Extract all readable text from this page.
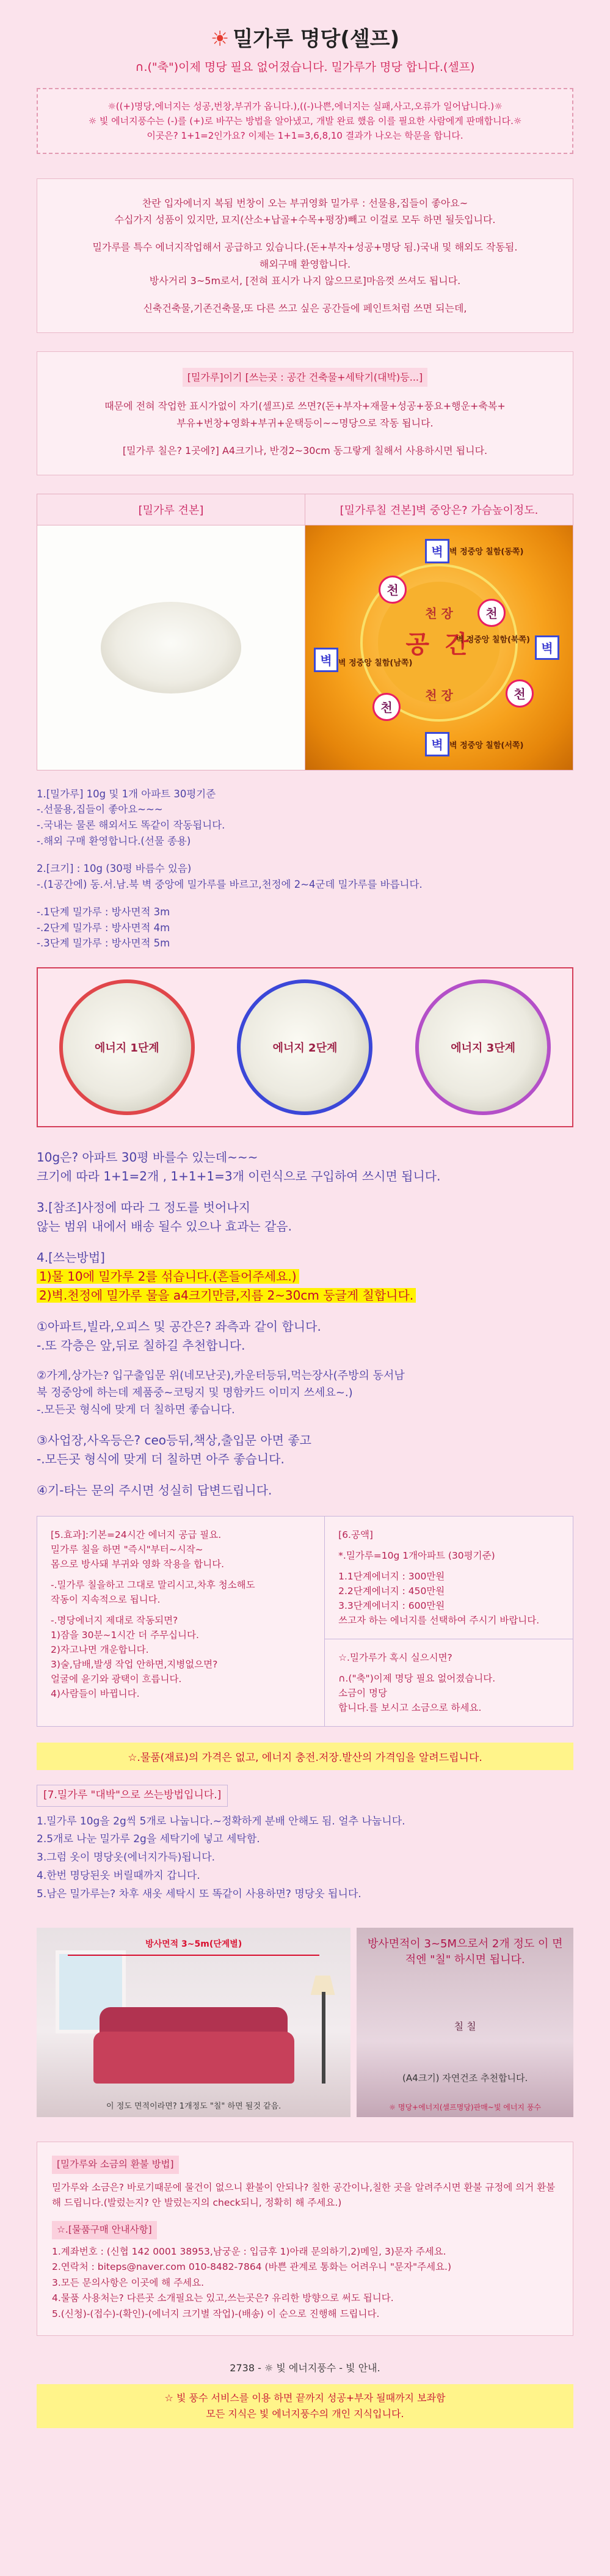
☀ 밀가루 명당(셀프)
∩.("축")이제 명당 필요 없어졌습니다. 밀가루가 명당 합니다.(셀프)
☼((+)명당,에너지는 성공,번창,부귀가 옵니다.),((-)나쁜,에너지는 실패,사고,오류가 일어납니다.)☼
☼ 빛 에너지풍수는 (-)를 (+)로 바꾸는 방법을 알아냈고, 개발 완료 했음 이를 필요한 사람에게 판매합니다.☼
이곳은? 1+1=2인가요? 이제는 1+1=3,6,8,10 결과가 나오는 학문을 합니다.

찬란 입자에너지 복됨 번창이 오는 부귀영화 밀가루 : 선물용,집들이 좋아요~
수십가지 성품이 있지만, 묘지(산소+납골+수목+평장)빼고 이걸로 모두 하면 될듯입니다.

밀가루를 특수 에너지작업해서 공급하고 있습니다.(돈+부자+성공+명당 됨.)국내 및 해외도 작동됨.
해외구매 환영합니다.
방사거리 3~5m로서, [전혀 표시가 나지 않으므로]마음껏 쓰셔도 됩니다.

신축건축물,기존건축물,또 다른 쓰고 싶은 공간들에 페인트처럼 쓰면 되는데,

[밀가루]이기 [쓰는곳 : 공간 건축물+세탁기(대박)등...]

때문에 전혀 작업한 표시가없이 자기(셀프)로 쓰면?(돈+부자+재물+성공+풍요+행운+축복+
부유+번창+영화+부귀+운택등이~~명당으로 작동 됩니다.

[밀가루 칠은? 1곳에?] A4크기나, 반경2~30cm 동그랗게 칠해서 사용하시면 됩니다.

[밀가루 견본]	[밀가루칠 견본]벽 중앙은? 가슴높이정도.
공 간
천 장
천 장
벽 벽 정중앙 칠함(동쪽)
벽
벽 정중앙 칠함(북쪽)
벽 벽 정중앙 칠함(남쪽)
벽 벽 정중앙 칠함(서쪽)
천
천
천
천

1.[밀가루] 10g 및 1개 아파트 30평기준

-.선물용,집들이 좋아요~~~

-.국내는 물론 해외서도 똑같이 작동됩니다.

-.해외 구매 환영합니다.(선물 종용)

2.[크기] : 10g (30평 바름수 있음)

-.(1공간에) 동.서.남.북 벽 중앙에 밀가루를 바르고,천정에 2~4군데 밀가루를 바릅니다.

-.1단계 밀가루 : 방사면적 3m

-.2단계 밀가루 : 방사면적 4m

-.3단계 밀가루 : 방사면적 5m

에너지 1단계	에너지 2단계	에너지 3단계
10g은? 아파트 30평 바를수 있는데~~~
크기에 따라 1+1=2개 , 1+1+1=3개 이런식으로 구입하여 쓰시면 됩니다.
3.[참조]사정에 따라 그 정도를 벗어나지
않는 범위 내에서 배송 될수 있으나 효과는 같음.
4.[쓰는방법]
1)물 10에 밀가루 2를 섞습니다.(흔들어주세요.)
2)벽.천정에 밀가루 물을 a4크기만큼,지름 2~30cm 둥글게 칠합니다.
①아파트,빌라,오피스 및 공간은? 좌측과 같이 합니다.
-.또 각층은 앞,뒤로 칠하길 추천합니다.
②가게,상가는? 입구출입문 위(네모난곳),카운터등뒤,먹는장사(주방의 동서남
북 정중앙에 하는데 제품중~코팅지 및 명함카드 이미지 쓰세요~.)
-.모든곳 형식에 맞게 더 칠하면 좋습니다.
③사업장,사옥등은? ceo등뒤,책상,출입문 아면 좋고
-.모든곳 형식에 맞게 더 칠하면 아주 좋습니다.
④기-타는 문의 주시면 성실히 답변드립니다.
[5.효과]:기본=24시간 에너지 공급 필요.
밀가루 칠을 하면 "즉시"부터~시작~
몸으로 방사돼 부귀와 영화 작용을 합니다.
-.밀가루 칠을하고 그대로 말리시고,차후 청소해도
작동이 지속적으로 됩니다.
-.명당에너지 제대로 작동되면?
1)잠을 30분~1시간 더 주무십니다.
2)자고나면 개운합니다.
3)술,담배,발생 작업 안하면,지병없으면?
얼굴에 윤기와 광택이 흐릅니다.
4)사람들이 바뀝니다.
[6.공액]
*.밀가루=10g 1개아파트 (30평기준)
1.1단계에너지 : 300만원
2.2단계에너지 : 450만원
3.3단계에너지 : 600만원
쓰고자 하는 에너지를 선택하여 주시기 바랍니다.
☆.밀가루가 혹시 실으시면?
∩.("축")이제 명당 필요 없어졌습니다.
소금이 명당
합니다.를 보시고 소금으로 하세요.
☆.물품(재료)의 가격은 없고, 에너지 충전.저장.발산의 가격임을 알려드립니다.
[7.밀가루 "대박"으로 쓰는방법입니다.]
1.밀가루 10g을 2g씩 5개로 나눕니다.~정확하게 분배 안해도 됨. 얼추 나눕니다.
2.5개로 나눈 밀가루 2g을 세탁기에 넣고 세탁함.
3.그럼 옷이 명당옷(에너지가득)됩니다.
4.한번 명당된옷 버릴때까지 갑니다.
5.남은 밀가루는? 차후 새옷 세탁시 또 똑같이 사용하면? 명당옷 됩니다.
방사면적 3~5m(단계별)
이 정도 면적이라면? 1개정도 "칠" 하면 될것 같음.
방사면적이 3~5M으로서 2개 정도 이 면적엔 "칠" 하시면 됩니다.
칠 칠
(A4크기) 자연건조 추천합니다.
☼ 명당+에너지(셀프명당)판매~빛 에너지 풍수
[밀가루와 소금의 환불 방법]
밀가루와 소금은? 바로기때문에 물건이 없으니 환불이 안되나? 칠한 공간이나,칠한 곳을 알려주시면 환불 규정에 의거 환불해 드립니다.(발렀는지? 안 발렀는지의 check되니, 정확히 해 주세요.)
☆.[물품구매 안내사항]
1.계좌번호 : (신협 142 0001 38953,남궁운 : 입금후 1)아래 문의하기,2)메일, 3)문자 주세요.
2.연락처 : biteps@naver.com 010-8482-7864 (바쁜 관계로 통화는 어려우니 "문자"주세요.)
3.모든 문의사항은 이곳에 해 주세요.
4.물품 사용처는? 다른곳 소개필요는 있고,쓰는곳은? 유리한 방향으로 써도 됩니다.
5.(신청)-(접수)-(확인)-(에너지 크기별 작업)-(배송) 이 순으로 진행해 드립니다.
2738 - ☼ 빛 에너지풍수 - 빛 안내.
☆ 빛 풍수 서비스를 이용 하면 끝까지 성공+부자 될때까지 보좌함
모든 지식은 빛 에너지풍수의 개인 지식입니다.
